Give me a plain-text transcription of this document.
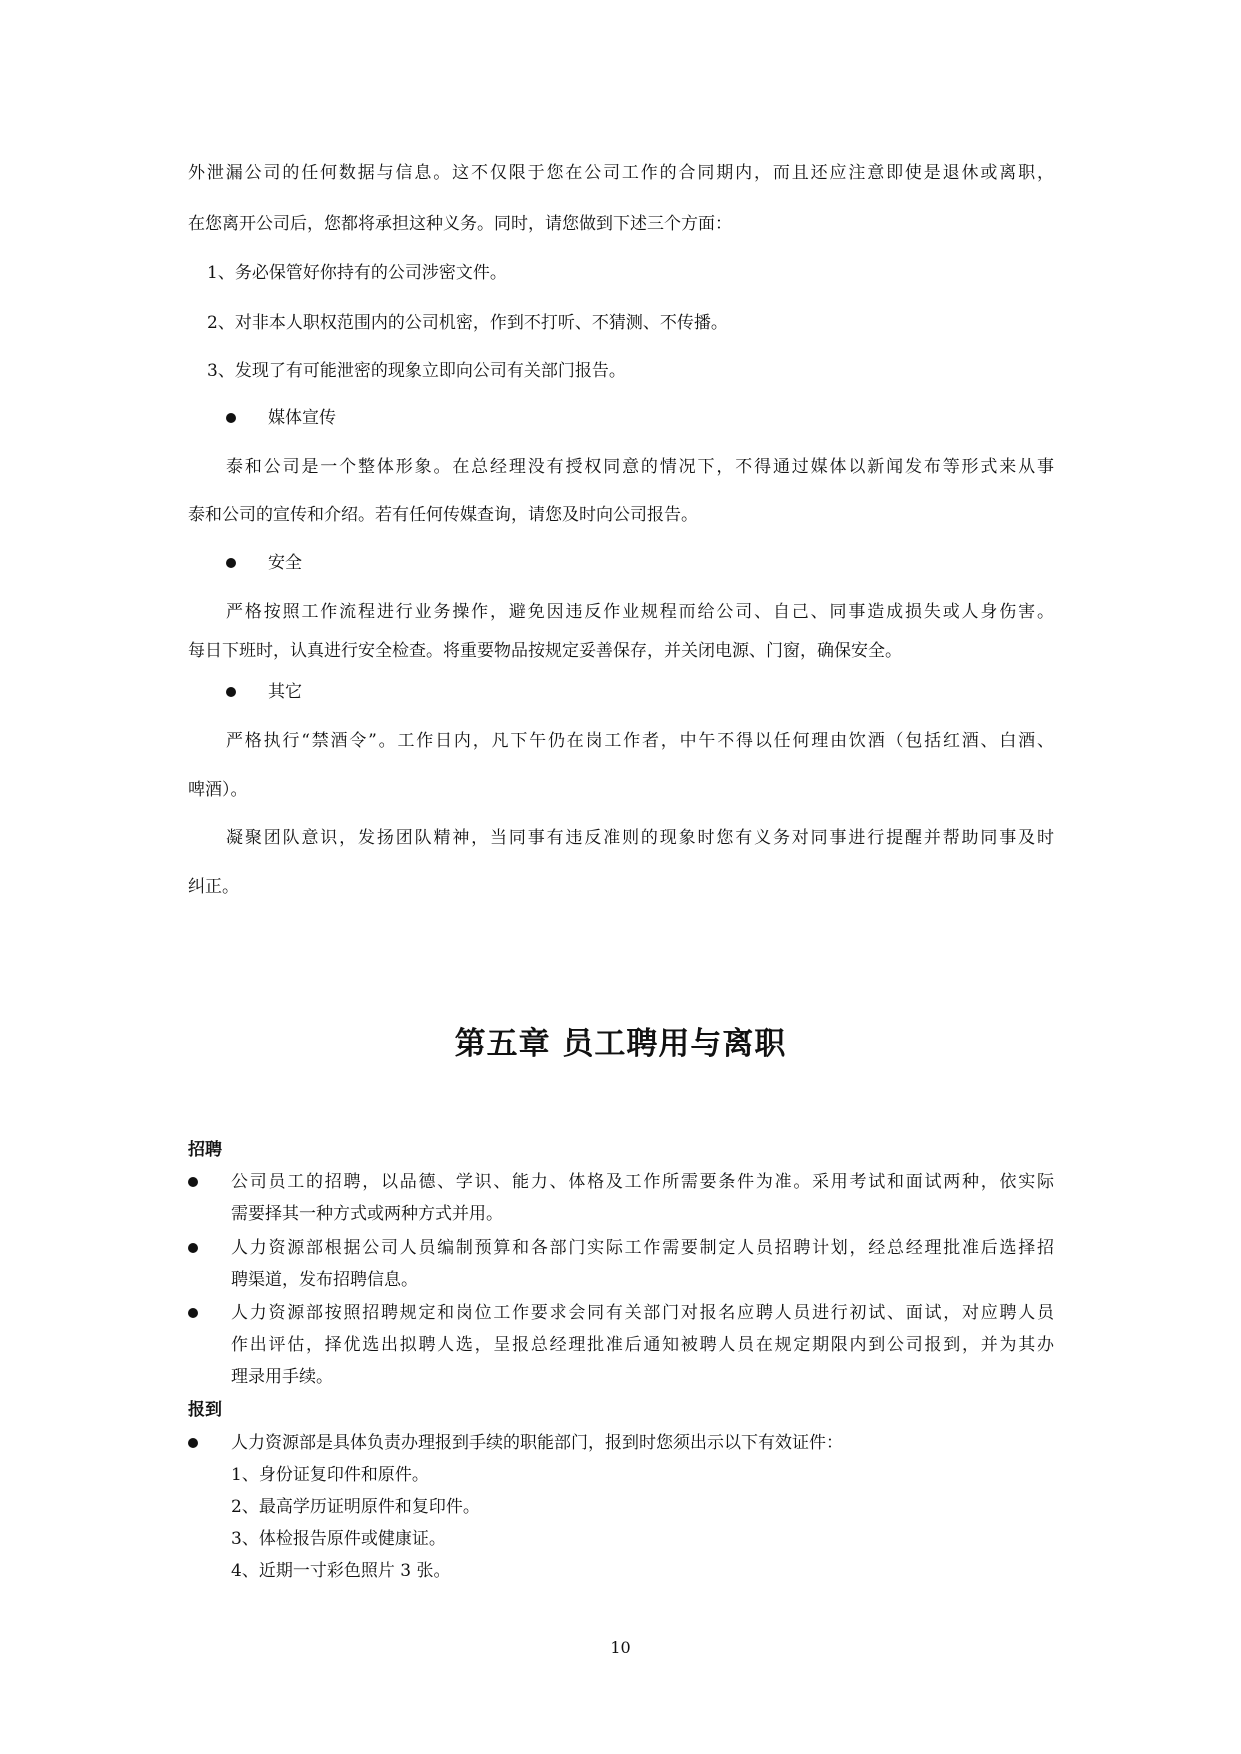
外泄漏公司的任何数据与信息。这不仅限于您在公司工作的合同期内，而且还应注意即使是退休或离职，
在您离开公司后，您都将承担这种义务。同时，请您做到下述三个方面：
1、务必保管好你持有的公司涉密文件。
2、对非本人职权范围内的公司机密，作到不打听、不猜测、不传播。
3、发现了有可能泄密的现象立即向公司有关部门报告。
媒体宣传
泰和公司是一个整体形象。在总经理没有授权同意的情况下，不得通过媒体以新闻发布等形式来从事
泰和公司的宣传和介绍。若有任何传媒查询，请您及时向公司报告。
安全
严格按照工作流程进行业务操作，避免因违反作业规程而给公司、自己、同事造成损失或人身伤害。
每日下班时，认真进行安全检查。将重要物品按规定妥善保存，并关闭电源、门窗，确保安全。
其它
严格执行“禁酒令”。工作日内，凡下午仍在岗工作者，中午不得以任何理由饮酒（包括红酒、白酒、
啤酒）。
凝聚团队意识，发扬团队精神，当同事有违反准则的现象时您有义务对同事进行提醒并帮助同事及时
纠正。
第五章 员工聘用与离职
招聘
公司员工的招聘，以品德、学识、能力、体格及工作所需要条件为准。采用考试和面试两种，依实际
需要择其一种方式或两种方式并用。
人力资源部根据公司人员编制预算和各部门实际工作需要制定人员招聘计划，经总经理批准后选择招
聘渠道，发布招聘信息。
人力资源部按照招聘规定和岗位工作要求会同有关部门对报名应聘人员进行初试、面试，对应聘人员
作出评估，择优选出拟聘人选，呈报总经理批准后通知被聘人员在规定期限内到公司报到，并为其办
理录用手续。
报到
人力资源部是具体负责办理报到手续的职能部门，报到时您须出示以下有效证件：
1、身份证复印件和原件。
2、最高学历证明原件和复印件。
3、体检报告原件或健康证。
4、近期一寸彩色照片 3 张。
10
